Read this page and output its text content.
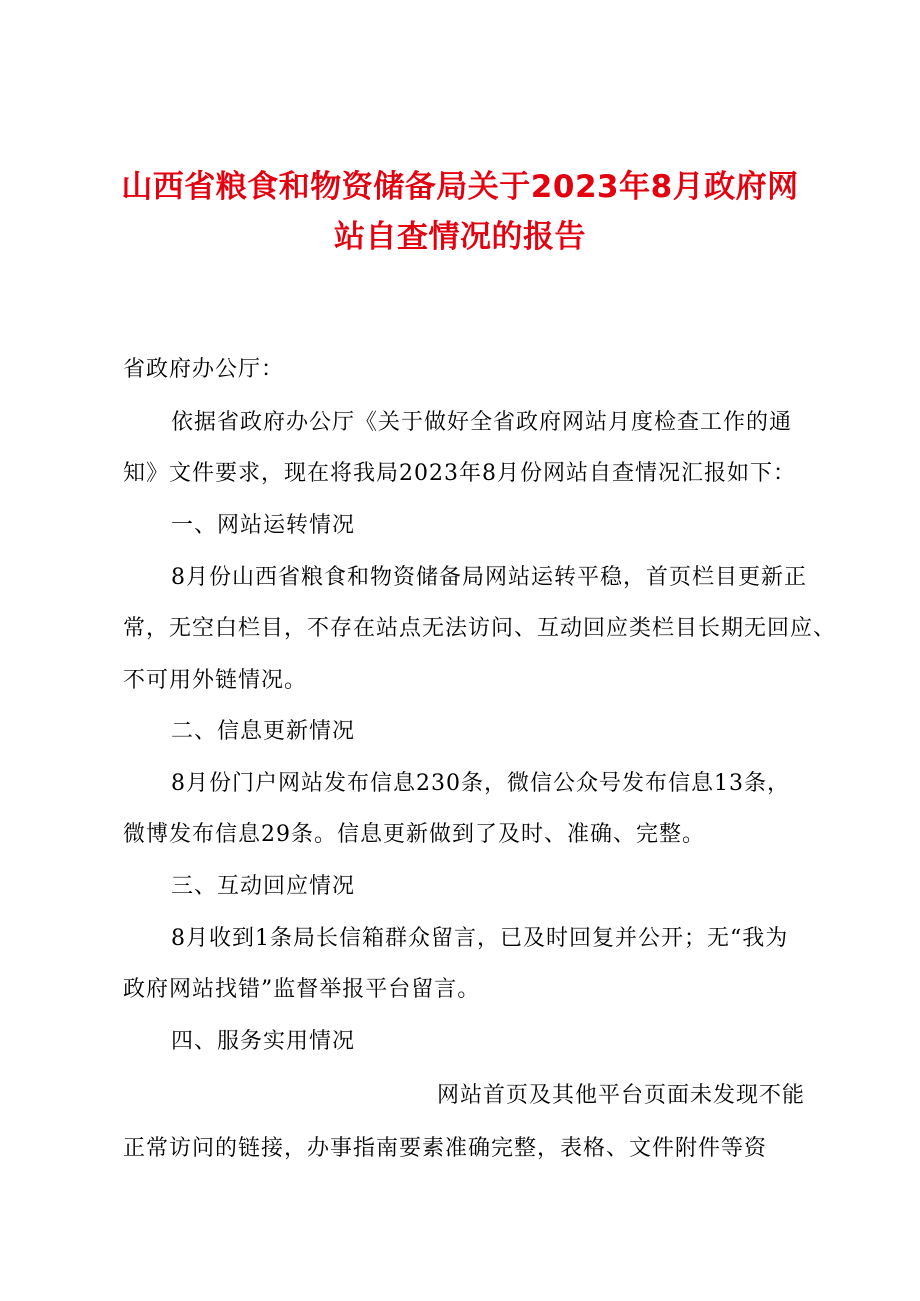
山西省粮食和物资储备局关于2023年8月政府网
站自查情况的报告
省政府办公厅：
依据省政府办公厅《关于做好全省政府网站月度检查工作的通
知》文件要求，现在将我局2023年8月份网站自查情况汇报如下：
一、网站运转情况
8月份山西省粮食和物资储备局网站运转平稳，首页栏目更新正
常，无空白栏目，不存在站点无法访问、互动回应类栏目长期无回应、
不可用外链情况。
二、信息更新情况
8月份门户网站发布信息230条，微信公众号发布信息13条，
微博发布信息29条。信息更新做到了及时、准确、完整。
三、互动回应情况
8月收到1条局长信箱群众留言，已及时回复并公开；无“我为
政府网站找错”监督举报平台留言。
四、服务实用情况
网站首页及其他平台页面未发现不能
正常访问的链接，办事指南要素准确完整，表格、文件附件等资
